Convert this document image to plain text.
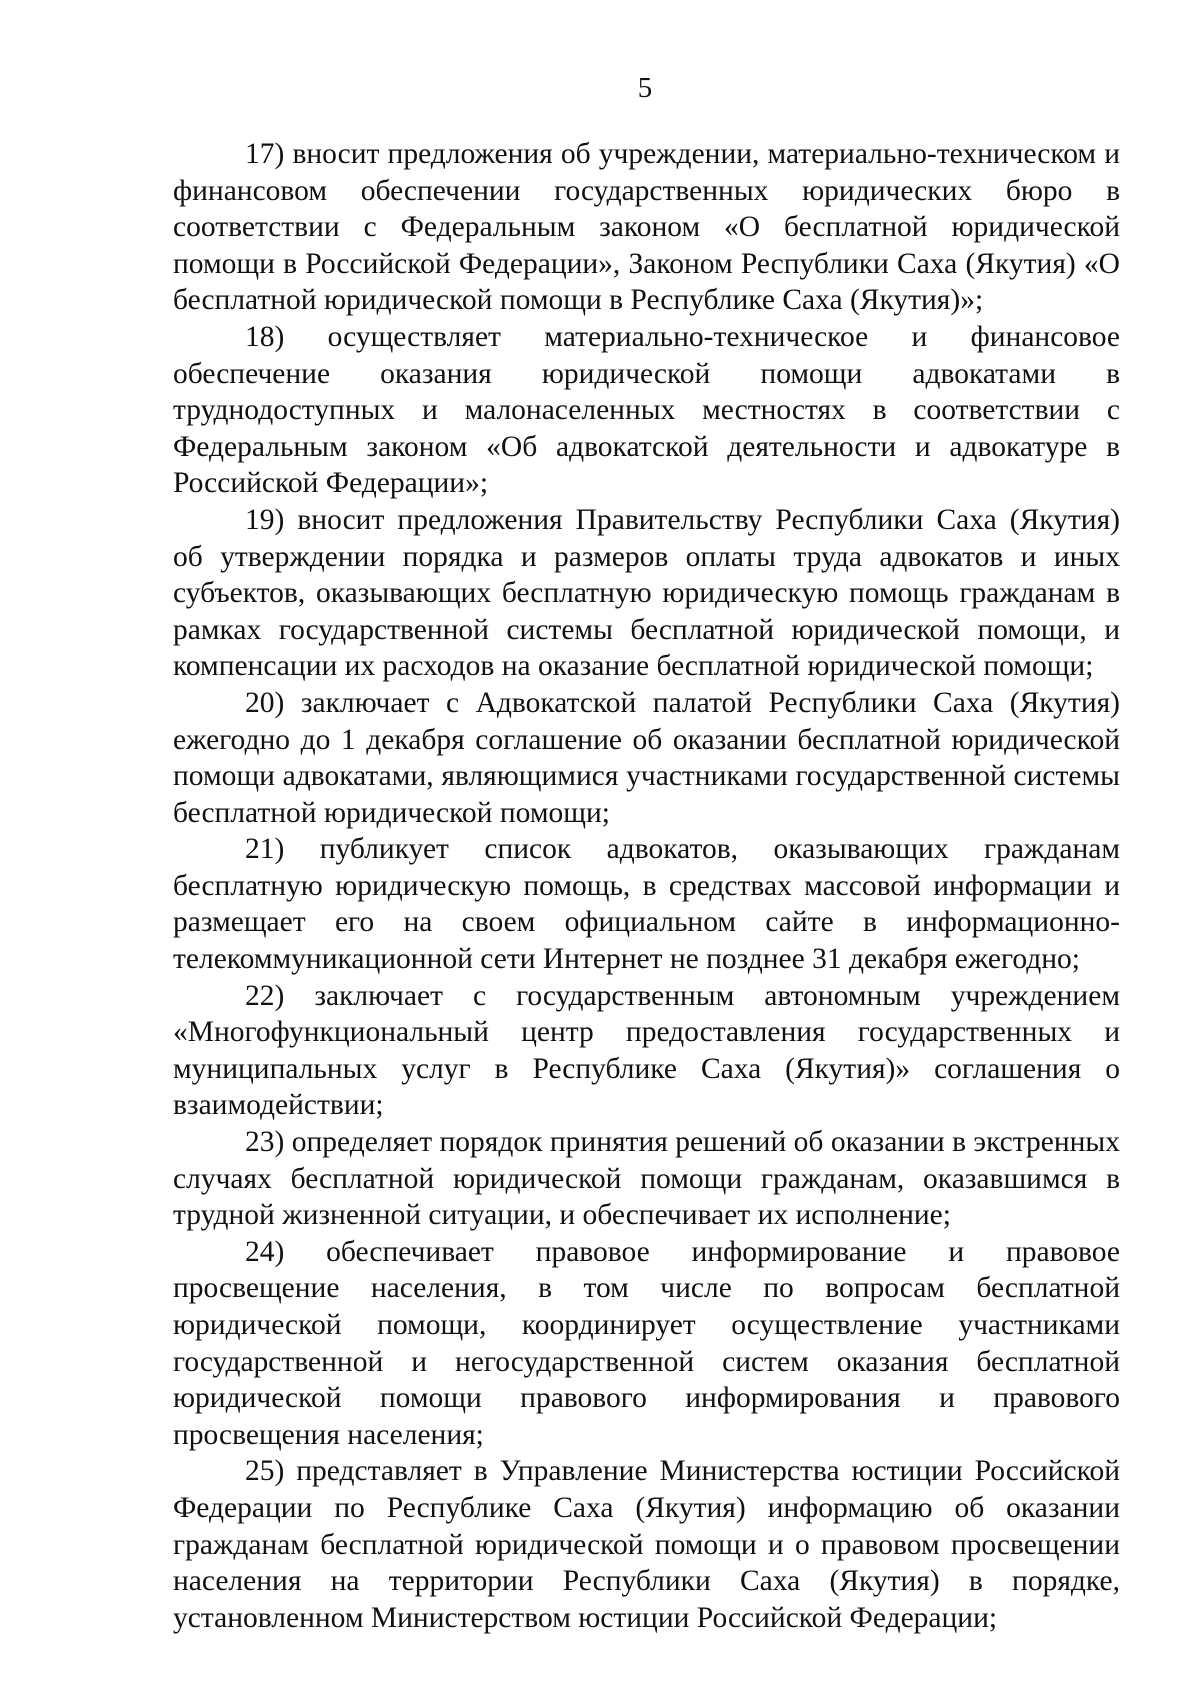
5

17) вносит предложения об учреждении, материально-техническом и финансовом обеспечении государственных юридических бюро в соответствии с Федеральным законом «О бесплатной юридической помощи в Российской Федерации», Законом Республики Саха (Якутия) «О бесплатной юридической помощи в Республике Саха (Якутия)»;

18) осуществляет материально-техническое и финансовое обеспечение оказания юридической помощи адвокатами в труднодоступных и малонаселенных местностях в соответствии с Федеральным законом «Об адвокатской деятельности и адвокатуре в Российской Федерации»;

19) вносит предложения Правительству Республики Саха (Якутия) об утверждении порядка и размеров оплаты труда адвокатов и иных субъектов, оказывающих бесплатную юридическую помощь гражданам в рамках государственной системы бесплатной юридической помощи, и компенсации их расходов на оказание бесплатной юридической помощи;

20) заключает с Адвокатской палатой Республики Саха (Якутия) ежегодно до 1 декабря соглашение об оказании бесплатной юридической помощи адвокатами, являющимися участниками государственной системы бесплатной юридической помощи;

21) публикует список адвокатов, оказывающих гражданам бесплатную юридическую помощь, в средствах массовой информации и размещает его на своем официальном сайте в информационно-телекоммуникационной сети Интернет не позднее 31 декабря ежегодно;

22) заключает с государственным автономным учреждением «Многофункциональный центр предоставления государственных и муниципальных услуг в Республике Саха (Якутия)» соглашения о взаимодействии;

23) определяет порядок принятия решений об оказании в экстренных случаях бесплатной юридической помощи гражданам, оказавшимся в трудной жизненной ситуации, и обеспечивает их исполнение;

24) обеспечивает правовое информирование и правовое просвещение населения, в том числе по вопросам бесплатной юридической помощи, координирует осуществление участниками государственной и негосударственной систем оказания бесплатной юридической помощи правового информирования и правового просвещения населения;

25) представляет в Управление Министерства юстиции Российской Федерации по Республике Саха (Якутия) информацию об оказании гражданам бесплатной юридической помощи и о правовом просвещении населения на территории Республики Саха (Якутия) в порядке, установленном Министерством юстиции Российской Федерации;
